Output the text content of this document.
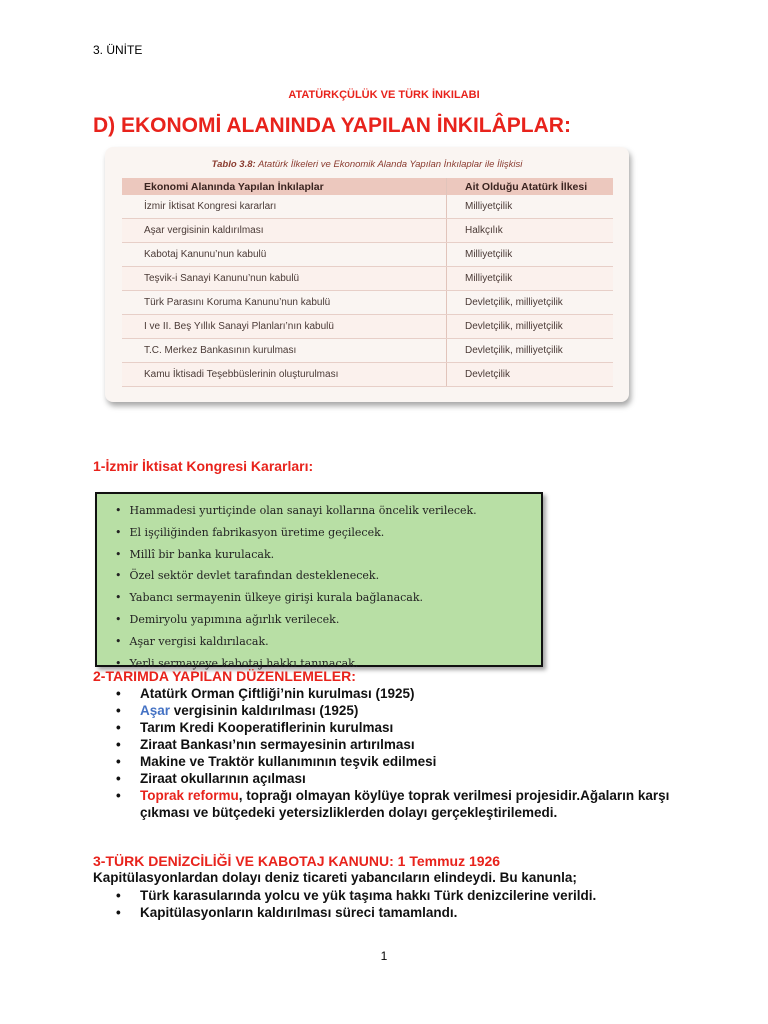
3. ÜNİTE
ATATÜRKÇÜLÜK VE TÜRK İNKILABI
D) EKONOMİ ALANINDA YAPILAN İNKILÂPLAR:
Tablo 3.8: Atatürk İlkeleri ve Ekonomik Alanda Yapılan İnkılaplar ile İlişkisi
Ekonomi Alanında Yapılan İnkılaplar	Ait Olduğu Atatürk İlkesi
İzmir İktisat Kongresi kararları	Milliyetçilik
Aşar vergisinin kaldırılması	Halkçılık
Kabotaj Kanunu’nun kabulü	Milliyetçilik
Teşvik-i Sanayi Kanunu’nun kabulü	Milliyetçilik
Türk Parasını Koruma Kanunu’nun kabulü	Devletçilik, milliyetçilik
I ve II. Beş Yıllık Sanayi Planları’nın kabulü	Devletçilik, milliyetçilik
T.C. Merkez Bankasının kurulması	Devletçilik, milliyetçilik
Kamu İktisadi Teşebbüslerinin oluşturulması	Devletçilik
1-İzmir İktisat Kongresi Kararları:
• Hammadesi yurtiçinde olan sanayi kollarına öncelik verilecek.
• El işçiliğinden fabrikasyon üretime geçilecek.
• Millî bir banka kurulacak.
• Özel sektör devlet tarafından desteklenecek.
• Yabancı sermayenin ülkeye girişi kurala bağlanacak.
• Demiryolu yapımına ağırlık verilecek.
• Aşar vergisi kaldırılacak.
• Yerli sermayeye kabotaj hakkı tanınacak.
2-TARIMDA YAPILAN DÜZENLEMELER:
• Atatürk Orman Çiftliği’nin kurulması (1925)
• Aşar vergisinin kaldırılması (1925)
• Tarım Kredi Kooperatiflerinin kurulması
• Ziraat Bankası’nın sermayesinin artırılması
• Makine ve Traktör kullanımının teşvik edilmesi
• Ziraat okullarının açılması
• Toprak reformu, toprağı olmayan köylüye toprak verilmesi projesidir.Ağaların karşı çıkması ve bütçedeki yetersizliklerden dolayı gerçekleştirilemedi.
3-TÜRK DENİZCİLİĞİ VE KABOTAJ KANUNU: 1 Temmuz 1926
Kapitülasyonlardan dolayı deniz ticareti yabancıların elindeydi. Bu kanunla;
• Türk karasularında yolcu ve yük taşıma hakkı Türk denizcilerine verildi.
• Kapitülasyonların kaldırılması süreci tamamlandı.
1
